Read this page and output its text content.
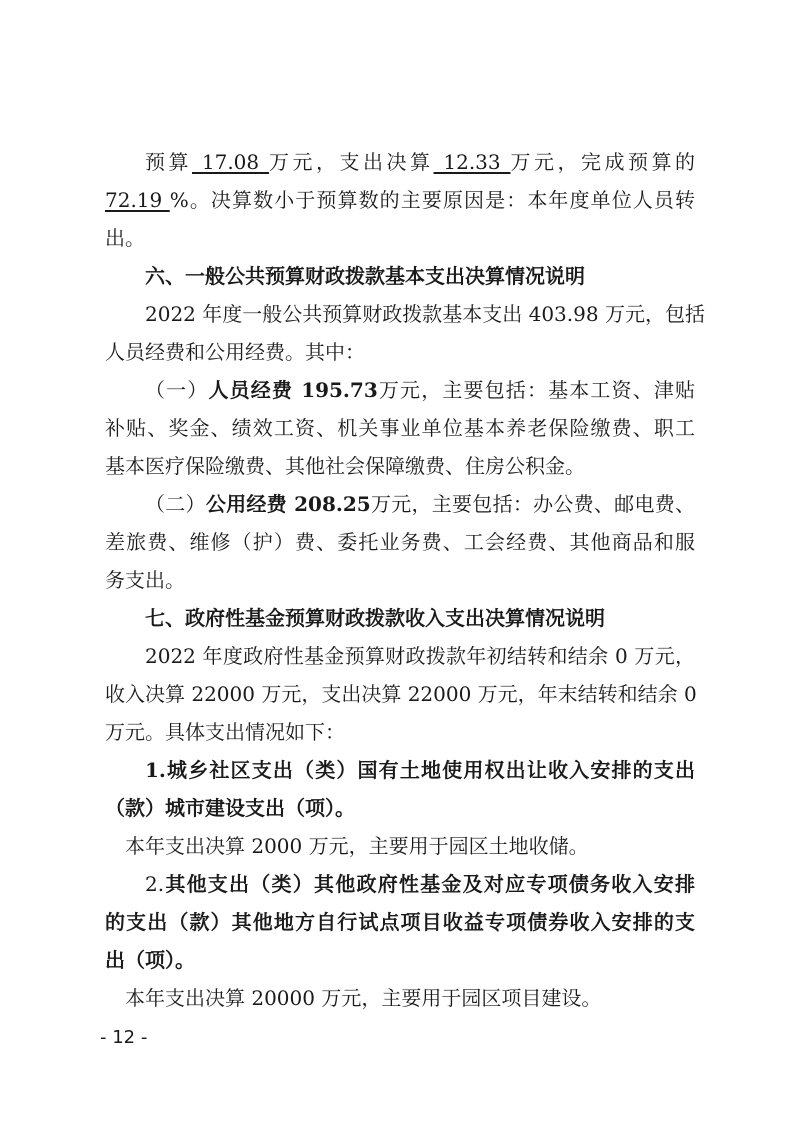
预算 17.08 万元，支出决算 12.33 万元，完成预算的
72.19 %。决算数小于预算数的主要原因是：本年度单位人员转
出。
六、一般公共预算财政拨款基本支出决算情况说明
2022 年度一般公共预算财政拨款基本支出 403.98 万元，包括
人员经费和公用经费。其中：
（一）人员经费 195.73万元，主要包括：基本工资、津贴
补贴、奖金、绩效工资、机关事业单位基本养老保险缴费、职工
基本医疗保险缴费、其他社会保障缴费、住房公积金。
（二）公用经费 208.25万元，主要包括：办公费、邮电费、
差旅费、维修（护）费、委托业务费、工会经费、其他商品和服
务支出。
七、政府性基金预算财政拨款收入支出决算情况说明
2022 年度政府性基金预算财政拨款年初结转和结余 0 万元，
收入决算 22000 万元，支出决算 22000 万元，年末结转和结余 0
万元。具体支出情况如下：
1.城乡社区支出（类）国有土地使用权出让收入安排的支出
（款）城市建设支出（项）。
本年支出决算 2000 万元，主要用于园区土地收储。
2.其他支出（类）其他政府性基金及对应专项债务收入安排
的支出（款）其他地方自行试点项目收益专项债券收入安排的支
出（项）。
本年支出决算 20000 万元，主要用于园区项目建设。
- 12 -
